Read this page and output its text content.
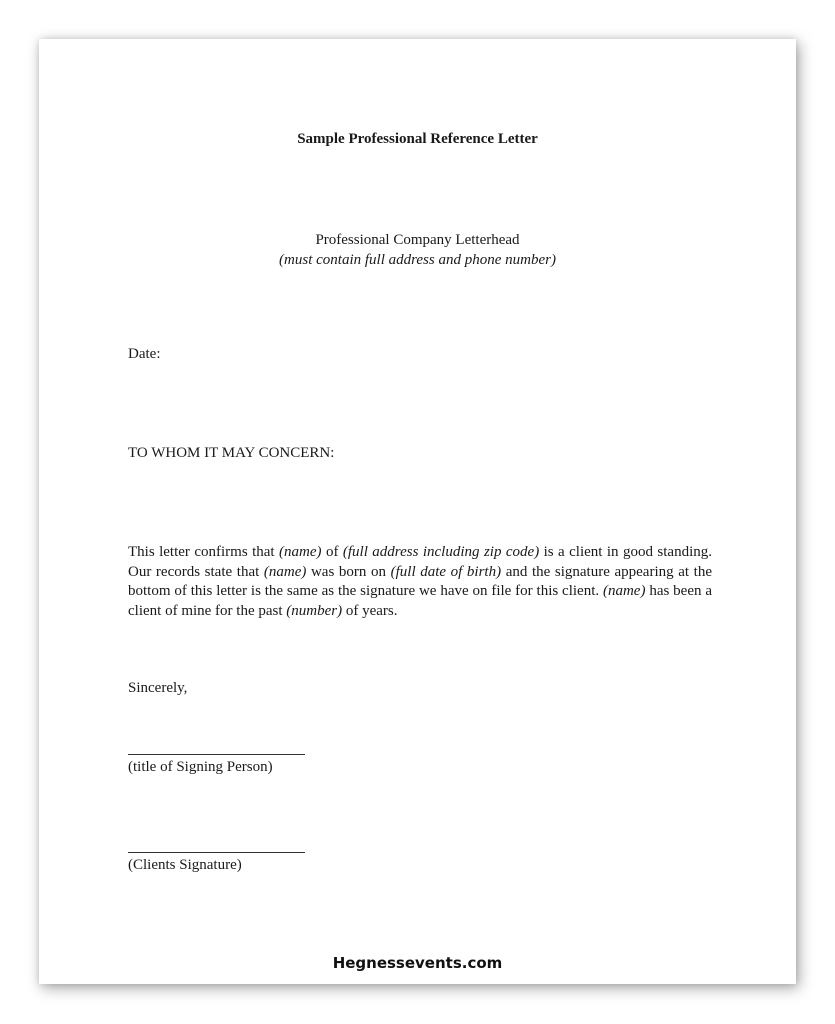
Sample Professional Reference Letter
Professional Company Letterhead
(must contain full address and phone number)
Date:
TO WHOM IT MAY CONCERN:
This letter confirms that (name) of (full address including zip code) is a client in good standing. Our records state that (name) was born on (full date of birth) and the signature appearing at the bottom of this letter is the same as the signature we have on file for this client. (name) has been a client of mine for the past (number) of years.
Sincerely,
(title of Signing Person)
(Clients Signature)
Hegnessevents.com
